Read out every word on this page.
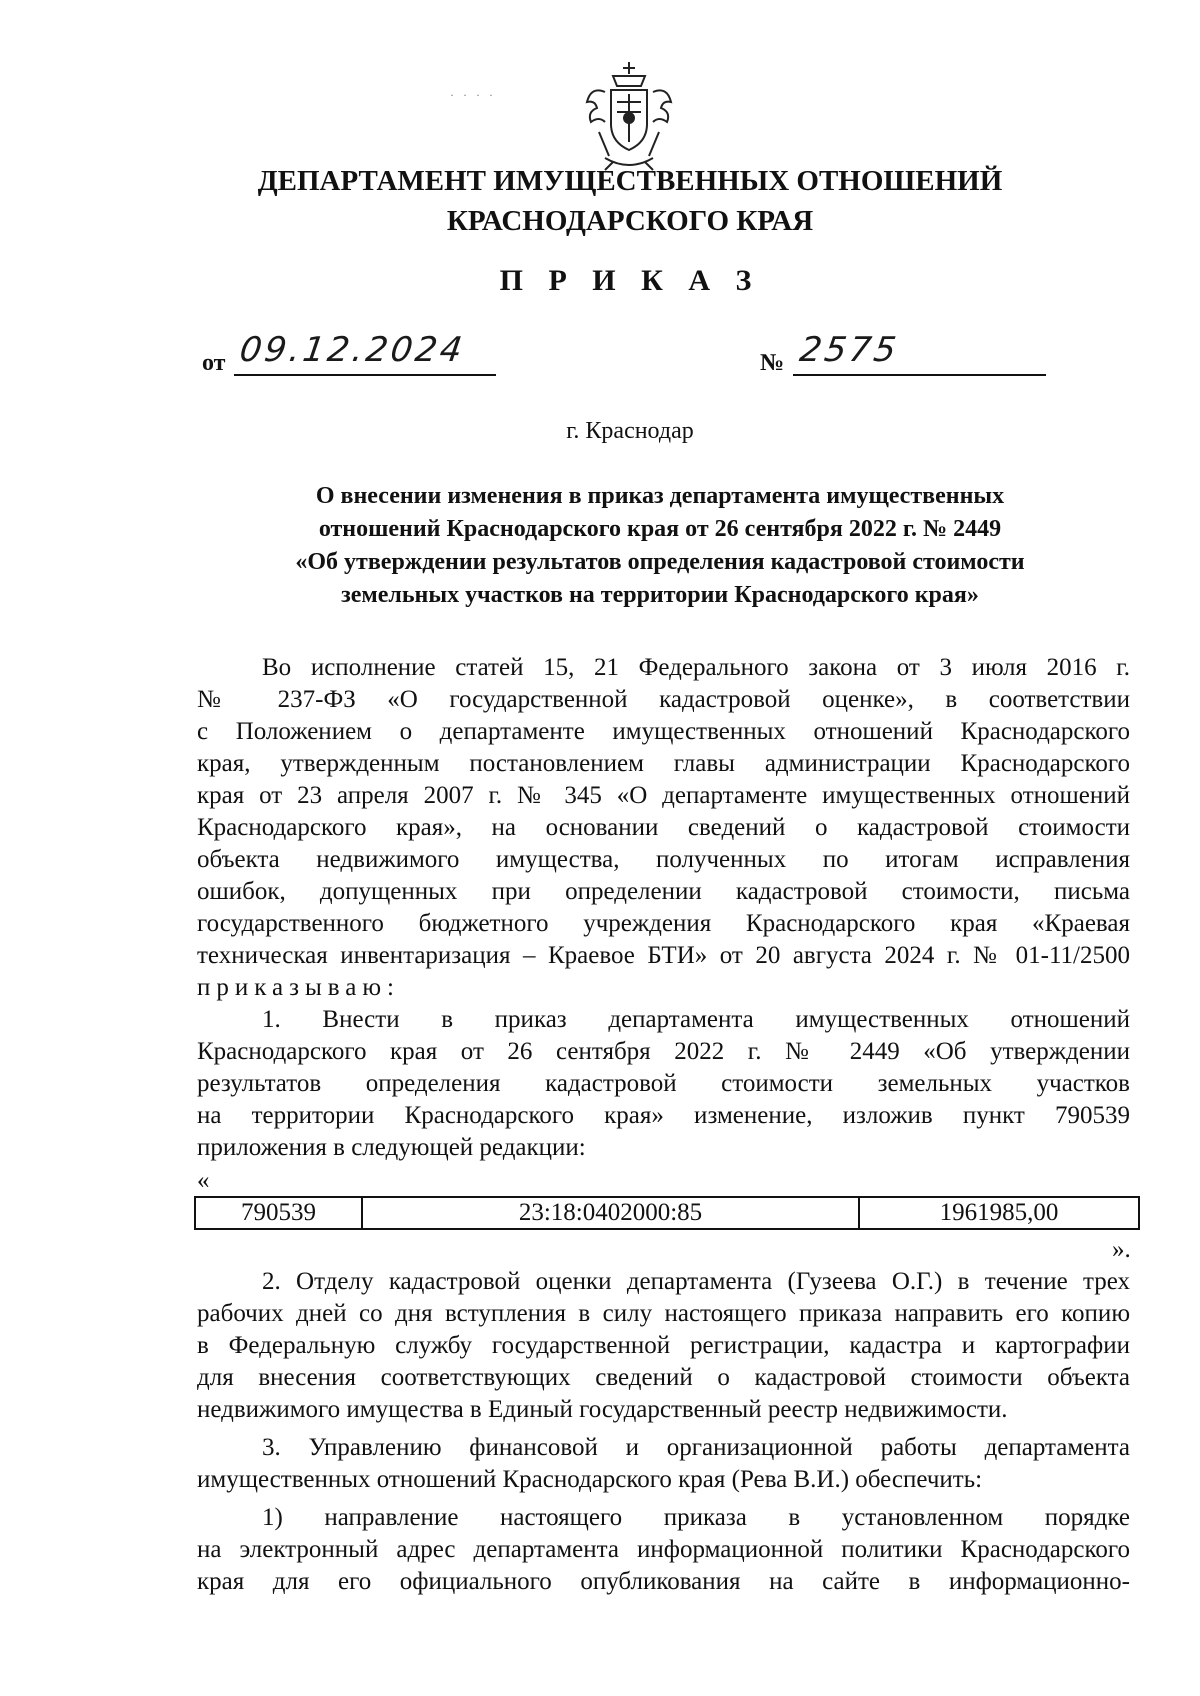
· · · ·
ДЕПАРТАМЕНТ ИМУЩЕСТВЕННЫХ ОТНОШЕНИЙ
КРАСНОДАРСКОГО КРАЯ
П Р И К А З
от 09.12.2024	№ 2575
г. Краснодар
О внесении изменения в приказ департамента имущественных
отношений Краснодарского края от 26 сентября 2022 г. № 2449
«Об утверждении результатов определения кадастровой стоимости
земельных участков на территории Краснодарского края»
Во исполнение статей 15, 21 Федерального закона от 3 июля 2016 г.
№ 237-ФЗ «О государственной кадастровой оценке», в соответствии
с Положением о департаменте имущественных отношений Краснодарского
края, утвержденным постановлением главы администрации Краснодарского
края от 23 апреля 2007 г. № 345 «О департаменте имущественных отношений
Краснодарского края», на основании сведений о кадастровой стоимости
объекта недвижимого имущества, полученных по итогам исправления
ошибок, допущенных при определении кадастровой стоимости, письма
государственного бюджетного учреждения Краснодарского края «Краевая
техническая инвентаризация – Краевое БТИ» от 20 августа 2024 г. № 01-11/2500
приказываю:
1. Внести в приказ департамента имущественных отношений
Краснодарского края от 26 сентября 2022 г. № 2449 «Об утверждении
результатов определения кадастровой стоимости земельных участков
на территории Краснодарского края» изменение, изложив пункт 790539
приложения в следующей редакции:
«
790539	23:18:0402000:85	1961985,00
».
2. Отделу кадастровой оценки департамента (Гузеева О.Г.) в течение трех
рабочих дней со дня вступления в силу настоящего приказа направить его копию
в Федеральную службу государственной регистрации, кадастра и картографии
для внесения соответствующих сведений о кадастровой стоимости объекта
недвижимого имущества в Единый государственный реестр недвижимости.
3. Управлению финансовой и организационной работы департамента
имущественных отношений Краснодарского края (Рева В.И.) обеспечить:
1) направление настоящего приказа в установленном порядке
на электронный адрес департамента информационной политики Краснодарского
края для его официального опубликования на сайте в информационно-
